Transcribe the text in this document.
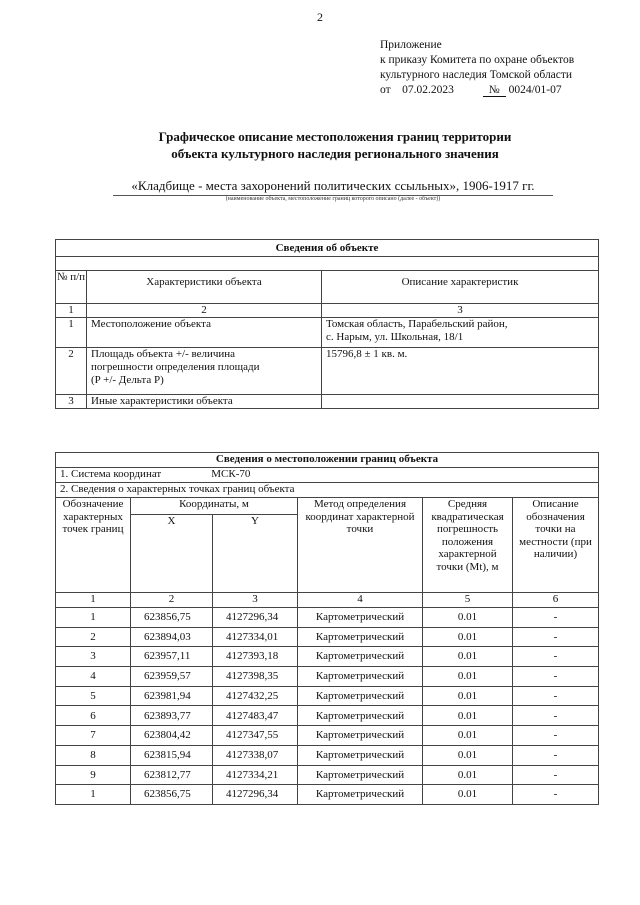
2
Приложение
к приказу Комитета по охране объектов
культурного наследия Томской области
от 07.02.2023	№ 0024/01-07
Графическое описание местоположения границ территории
объекта культурного наследия регионального значения
«Кладбище - места захоронений политических ссыльных», 1906-1917 гг.
(наименование объекта, местоположение границ которого описано (далее - объект))
Сведения об объекте		

№ п/п	Характеристики объекта	Описание характеристик
1	2	3
1	Местоположение объекта	Томская область, Парабельский район,
с. Нарым, ул. Школьная, 18/1

2	Площадь объекта +/- величина
погрешности определения площади
(P +/- Дельта P)	15796,8 ± 1 кв. м.
3	Иные характеристики объекта	
Сведения о местоположении границ объекта					
1. Система координат МСК-70					
2. Сведения о характерных точках границ объекта					
Обозначение характерных точек границ	Координаты, м		Метод определения координат характерной точки	Средняя квадратическая погрешность положения характерной точки (Mt), м	Описание обозначения точки на местности (при наличии)
	X	Y			
1	2	3	4	5	6
1	623856,75	4127296,34	Картометрический	0.01	-
2	623894,03	4127334,01	Картометрический	0.01	-
3	623957,11	4127393,18	Картометрический	0.01	-
4	623959,57	4127398,35	Картометрический	0.01	-
5	623981,94	4127432,25	Картометрический	0.01	-
6	623893,77	4127483,47	Картометрический	0.01	-
7	623804,42	4127347,55	Картометрический	0.01	-
8	623815,94	4127338,07	Картометрический	0.01	-
9	623812,77	4127334,21	Картометрический	0.01	-
1	623856,75	4127296,34	Картометрический	0.01	-
